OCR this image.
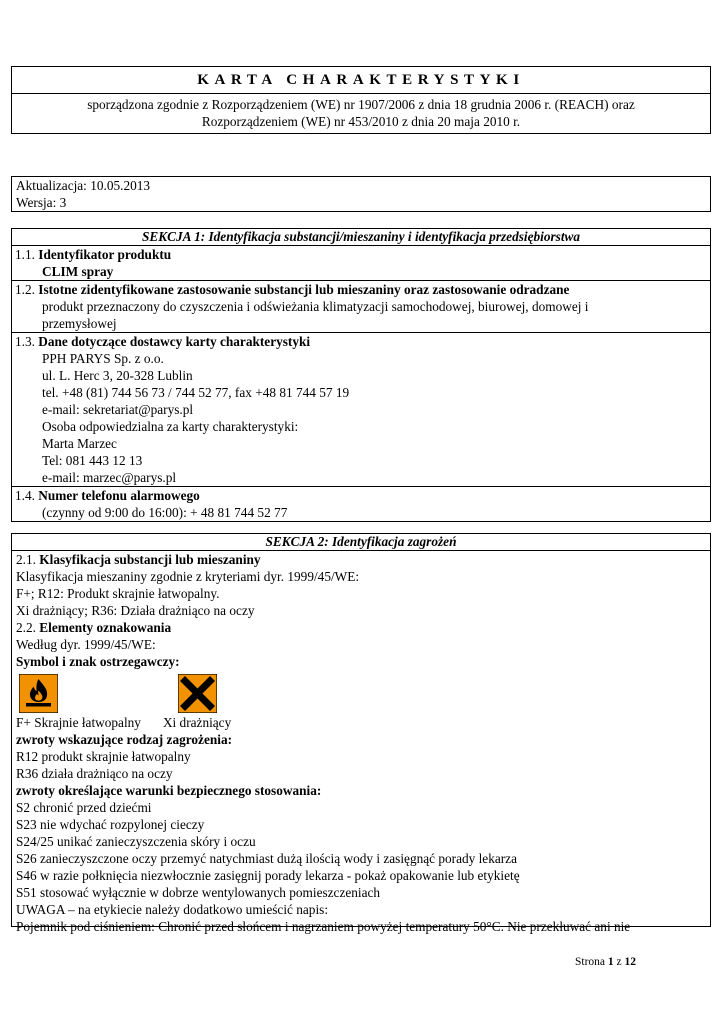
KARTA CHARAKTERYSTYKI
sporządzona zgodnie z Rozporządzeniem (WE) nr 1907/2006 z dnia 18 grudnia 2006 r. (REACH) oraz
Rozporządzeniem (WE) nr 453/2010 z dnia 20 maja 2010 r.
Aktualizacja: 10.05.2013
Wersja: 3
SEKCJA 1: Identyfikacja substancji/mieszaniny i identyfikacja przedsiębiorstwa
1.1. Identyfikator produktu
CLIM spray
1.2. Istotne zidentyfikowane zastosowanie substancji lub mieszaniny oraz zastosowanie odradzane
produkt przeznaczony do czyszczenia i odświeżania klimatyzacji samochodowej, biurowej, domowej i
przemysłowej
1.3. Dane dotyczące dostawcy karty charakterystyki
PPH PARYS Sp. z o.o.
ul. L. Herc 3, 20-328 Lublin
tel. +48 (81) 744 56 73 / 744 52 77, fax +48 81 744 57 19
e-mail: sekretariat@parys.pl
Osoba odpowiedzialna za karty charakterystyki:
Marta Marzec
Tel: 081 443 12 13
e-mail: marzec@parys.pl
1.4. Numer telefonu alarmowego
(czynny od 9:00 do 16:00): + 48 81 744 52 77
SEKCJA 2: Identyfikacja zagrożeń
2.1. Klasyfikacja substancji lub mieszaniny
Klasyfikacja mieszaniny zgodnie z kryteriami dyr. 1999/45/WE:
F+; R12: Produkt skrajnie łatwopalny.
Xi drażniący; R36: Działa drażniąco na oczy
2.2. Elementy oznakowania
Według dyr. 1999/45/WE:
Symbol i znak ostrzegawczy:
F+ Skrajnie łatwopalny Xi drażniący
zwroty wskazujące rodzaj zagrożenia:
R12 produkt skrajnie łatwopalny
R36 działa drażniąco na oczy
zwroty określające warunki bezpiecznego stosowania:
S2 chronić przed dziećmi
S23 nie wdychać rozpylonej cieczy
S24/25 unikać zanieczyszczenia skóry i oczu
S26 zanieczyszczone oczy przemyć natychmiast dużą ilością wody i zasięgnąć porady lekarza
S46 w razie połknięcia niezwłocznie zasięgnij porady lekarza - pokaż opakowanie lub etykietę
S51 stosować wyłącznie w dobrze wentylowanych pomieszczeniach
UWAGA – na etykiecie należy dodatkowo umieścić napis:
Pojemnik pod ciśnieniem: Chronić przed słońcem i nagrzaniem powyżej temperatury 50°C. Nie przekłuwać ani nie
Strona 1 z 12
